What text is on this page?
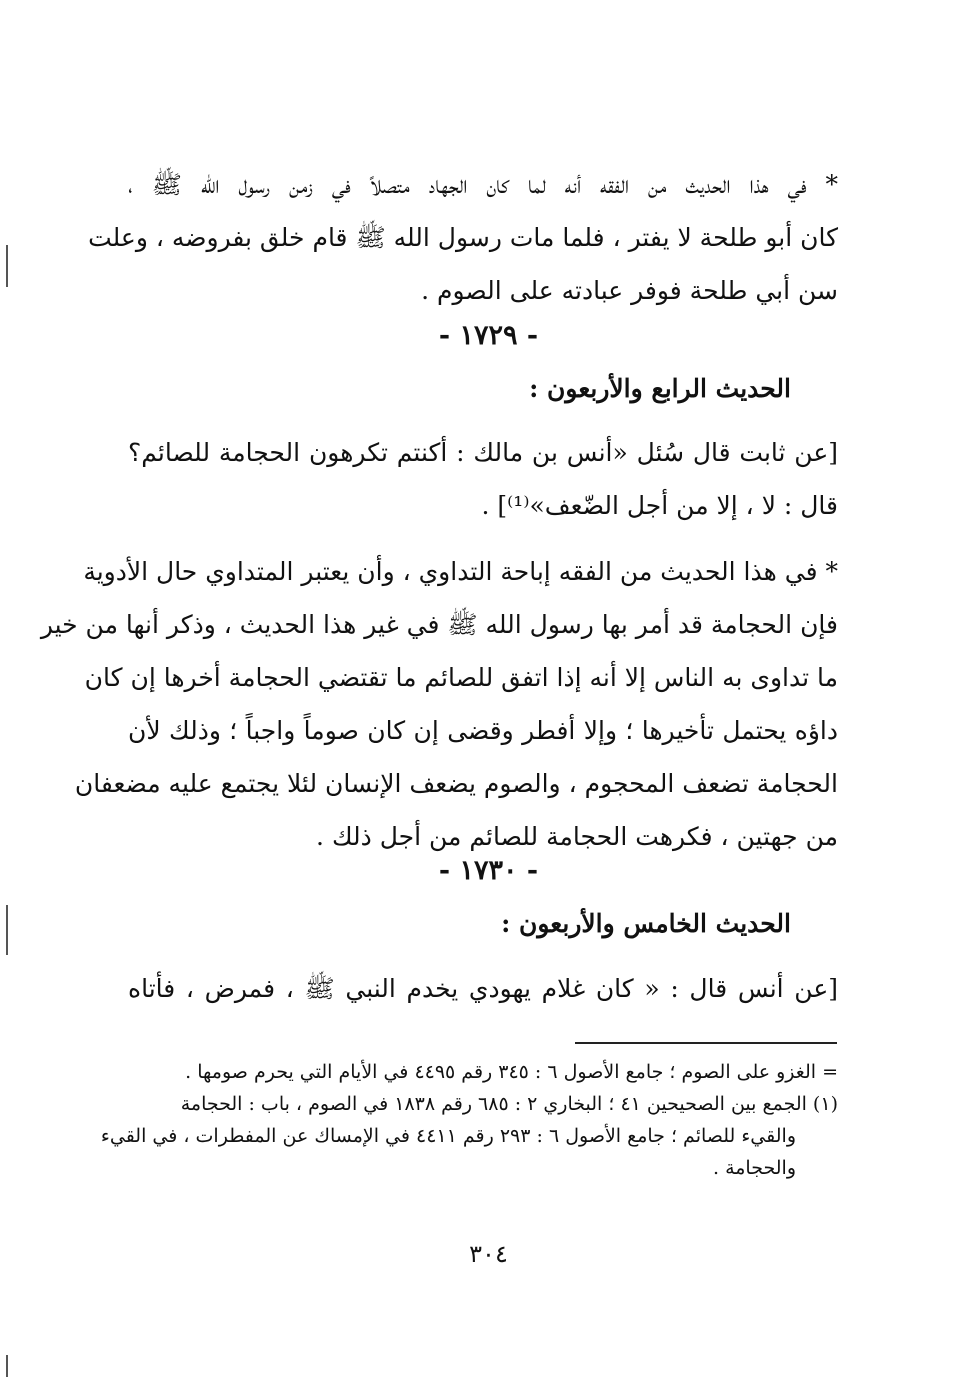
* في هذا الحديث من الفقه أنه لما كان الجهاد متصلاً في زمن رسول الله ﷺ ،
كان أبو طلحة لا يفتر ، فلما مات رسول الله ﷺ قام خلق بفروضه ، وعلت
سن أبي طلحة فوفر عبادته على الصوم .
- ١٧٢٩ -
الحديث الرابع والأربعون :
[عن ثابت قال سُئل «أنس بن مالك : أكنتم تكرهون الحجامة للصائم؟
قال : لا ، إلا من أجل الضّعف»⁽¹⁾] .
* في هذا الحديث من الفقه إباحة التداوي ، وأن يعتبر المتداوي حال الأدوية
فإن الحجامة قد أمر بها رسول الله ﷺ في غير هذا الحديث ، وذكر أنها من خير
ما تداوى به الناس إلا أنه إذا اتفق للصائم ما تقتضي الحجامة أخرها إن كان
داؤه يحتمل تأخيرها ؛ وإلا أفطر وقضى إن كان صوماً واجباً ؛ وذلك لأن
الحجامة تضعف المحجوم ، والصوم يضعف الإنسان لئلا يجتمع عليه مضعفان
من جهتين ، فكرهت الحجامة للصائم من أجل ذلك .
- ١٧٣٠ -
الحديث الخامس والأربعون :
[عن أنس قال : « كان غلام يهودي يخدم النبي ﷺ ، فمرض ، فأتاه
= الغزو على الصوم ؛ جامع الأصول ٦ : ٣٤٥ رقم ٤٤٩٥ في الأيام التي يحرم صومها .
(١) الجمع بين الصحيحين ٤١ ؛ البخاري ٢ : ٦٨٥ رقم ١٨٣٨ في الصوم ، باب : الحجامة
والقيء للصائم ؛ جامع الأصول ٦ : ٢٩٣ رقم ٤٤١١ في الإمساك عن المفطرات ، في القيء
والحجامة .
٣٠٤
